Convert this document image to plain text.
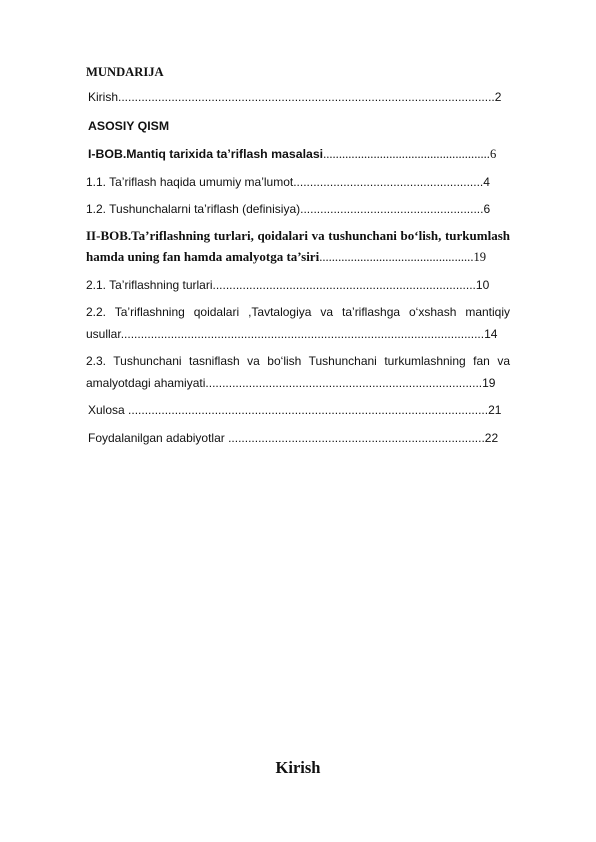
MUNDARIJA
Kirish.................................................................................................................2
ASOSIY QISM
I-BOB.Mantiq tarixida ta’riflash masalasi.....................................................6
1.1. Ta’riflash haqida umumiy ma’lumot.........................................................4
1.2. Tushunchalarni ta’riflash (definisiya).......................................................6
II-BOB.Ta’riflashning turlari, qoidalari va tushunchani bo‘lish, turkumlash
hamda uning fan hamda amalyotga ta’siri.................................................19
2.1. Ta’riflashning turlari...............................................................................10
2.2. Ta’riflashning qoidalari ,Tavtalogiya va ta’riflashga o‘xshash mantiqiy
usullar.............................................................................................................14
2.3. Tushunchani tasniflash va bo‘lish Tushunchani turkumlashning fan va
amalyotdagi ahamiyati...................................................................................19
Xulosa ............................................................................................................21
Foydalanilgan adabiyotlar .............................................................................22
Kirish
